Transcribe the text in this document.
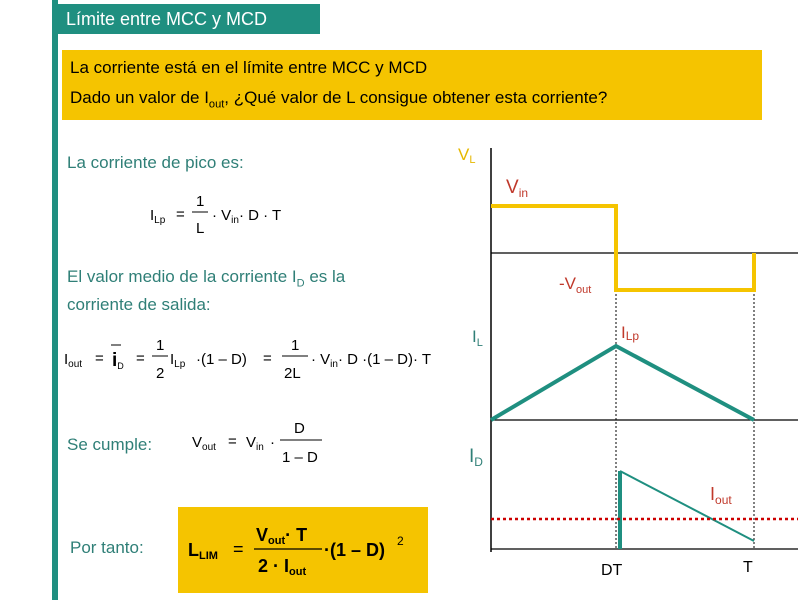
Límite entre MCC y MCD

La corriente está en el límite entre MCC y MCD

Dado un valor de $I_{out}$, ¿Qué valor de L consigue obtener esta corriente?

La corriente de pico es:
El valor medio de la corriente $I_D$ es la
corriente de salida:
Se cumple:
Por tanto:
$I_{Lp}$ =
1
L
· $V_{in}\cdot D \cdot T$
$I_{out}$ = iD =
1
2
$I_{Lp} \cdot(1 - D)$ =
1
2L
· $V_{in}\cdot D \cdot(1 - D)\cdot T$
$V_{out} = V_{in}$ ·
D
1 – D
LLIM =
Vout· T
2 · Iout
·(1 – D) 2
VL
$V_{in}$
$-V_{out}$
$I_L$
ILp
$I_D$
$I_{out}$
DT	T
